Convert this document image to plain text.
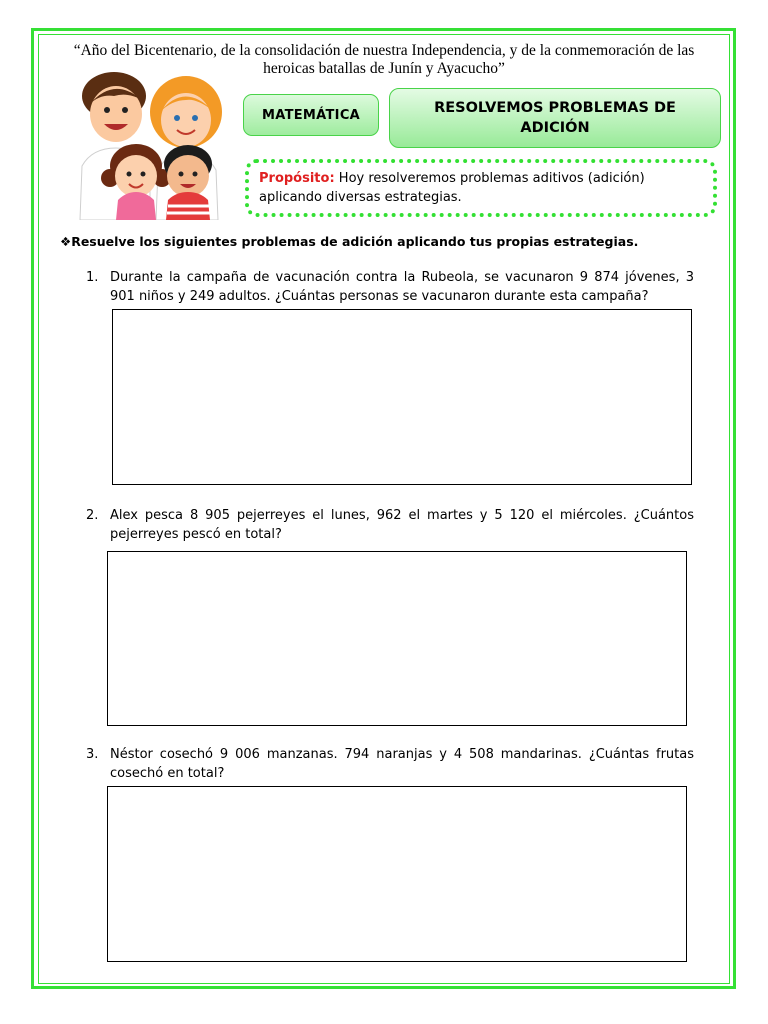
“Año del Bicentenario, de la consolidación de nuestra Independencia, y de la conmemoración de las heroicas batallas de Junín y Ayacucho”
MATEMÁTICA	RESOLVEMOS PROBLEMAS DE ADICIÓN
Propósito: Hoy resolveremos problemas aditivos (adición) aplicando diversas estrategias.
❖Resuelve los siguientes problemas de adición aplicando tus propias estrategias.
1. Durante la campaña de vacunación contra la Rubeola, se vacunaron 9 874 jóvenes, 3 901 niños y 249 adultos. ¿Cuántas personas se vacunaron durante esta campaña?
2. Alex pesca 8 905 pejerreyes el lunes, 962 el martes y 5 120 el miércoles. ¿Cuántos pejerreyes pescó en total?
3. Néstor cosechó 9 006 manzanas. 794 naranjas y 4 508 mandarinas. ¿Cuántas frutas cosechó en total?
